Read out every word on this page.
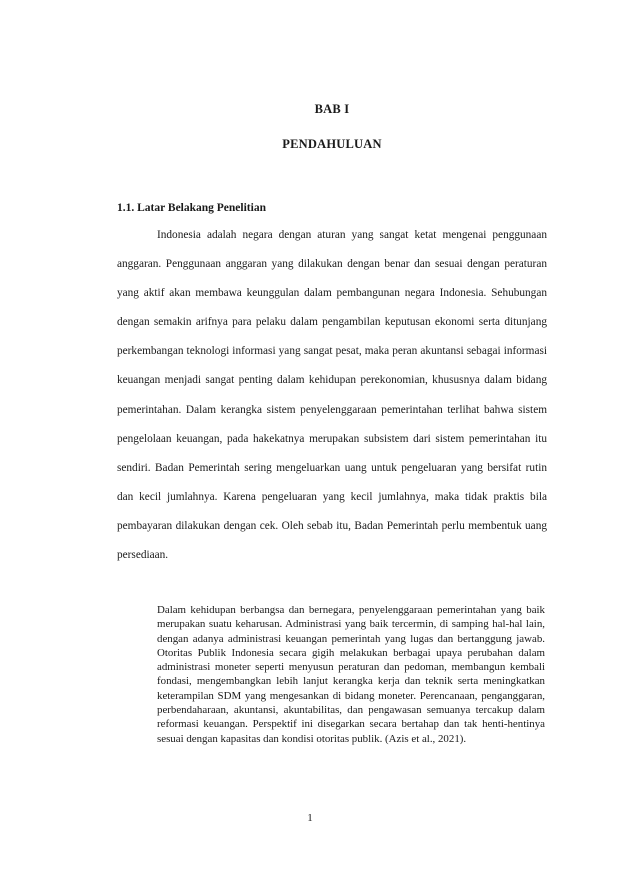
BAB I
PENDAHULUAN
1.1. Latar Belakang Penelitian

Indonesia adalah negara dengan aturan yang sangat ketat mengenai penggunaan anggaran. Penggunaan anggaran yang dilakukan dengan benar dan sesuai dengan peraturan yang aktif akan membawa keunggulan dalam pembangunan negara Indonesia. Sehubungan dengan semakin arifnya para pelaku dalam pengambilan keputusan ekonomi serta ditunjang perkembangan teknologi informasi yang sangat pesat, maka peran akuntansi sebagai informasi keuangan menjadi sangat penting dalam kehidupan perekonomian, khususnya dalam bidang pemerintahan. Dalam kerangka sistem penyelenggaraan pemerintahan terlihat bahwa sistem pengelolaan keuangan, pada hakekatnya merupakan subsistem dari sistem pemerintahan itu sendiri. Badan Pemerintah sering mengeluarkan uang untuk pengeluaran yang bersifat rutin dan kecil jumlahnya. Karena pengeluaran yang kecil jumlahnya, maka tidak praktis bila pembayaran dilakukan dengan cek. Oleh sebab itu, Badan Pemerintah perlu membentuk uang persediaan.

Dalam kehidupan berbangsa dan bernegara, penyelenggaraan pemerintahan yang baik merupakan suatu keharusan. Administrasi yang baik tercermin, di samping hal-hal lain, dengan adanya administrasi keuangan pemerintah yang lugas dan bertanggung jawab. Otoritas Publik Indonesia secara gigih melakukan berbagai upaya perubahan dalam administrasi moneter seperti menyusun peraturan dan pedoman, membangun kembali fondasi, mengembangkan lebih lanjut kerangka kerja dan teknik serta meningkatkan keterampilan SDM yang mengesankan di bidang moneter. Perencanaan, penganggaran, perbendaharaan, akuntansi, akuntabilitas, dan pengawasan semuanya tercakup dalam reformasi keuangan. Perspektif ini disegarkan secara bertahap dan tak henti-hentinya sesuai dengan kapasitas dan kondisi otoritas publik. (Azis et al., 2021).

1
